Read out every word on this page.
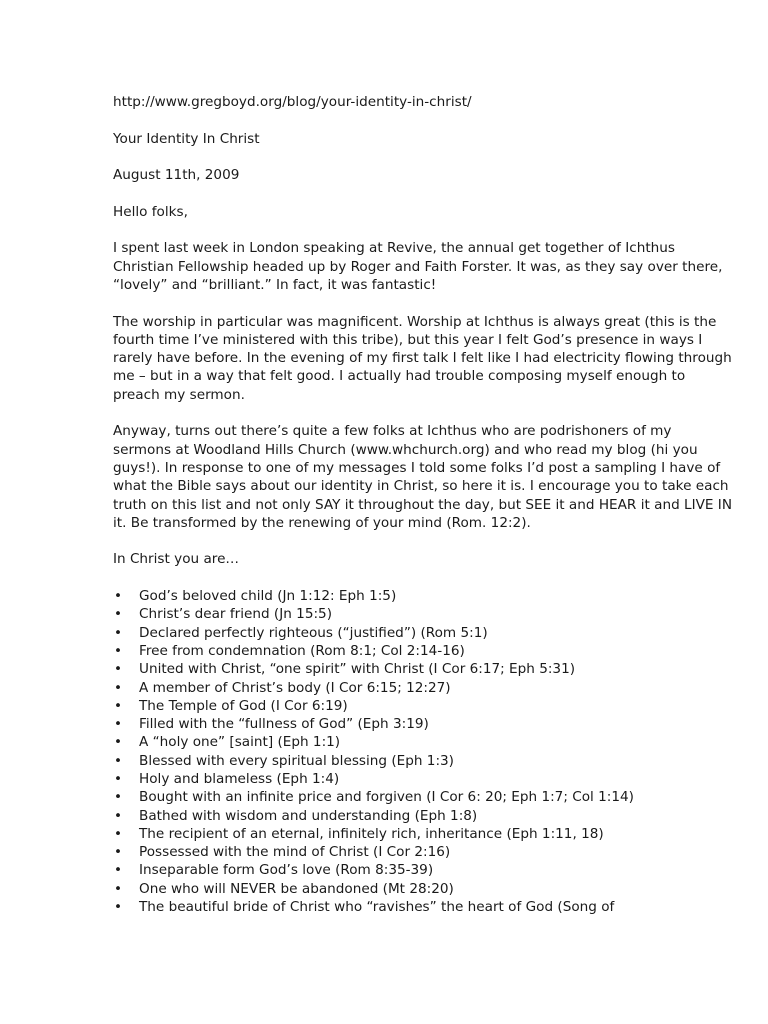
http://www.gregboyd.org/blog/your-identity-in-christ/

Your Identity In Christ

August 11th, 2009

Hello folks,

I spent last week in London speaking at Revive, the annual get together of Ichthus Christian Fellowship headed up by Roger and Faith Forster. It was, as they say over there, “lovely” and “brilliant.” In fact, it was fantastic!

The worship in particular was magnificent. Worship at Ichthus is always great (this is the fourth time I’ve ministered with this tribe), but this year I felt God’s presence in ways I rarely have before. In the evening of my first talk I felt like I had electricity flowing through me – but in a way that felt good. I actually had trouble composing myself enough to preach my sermon.

Anyway, turns out there’s quite a few folks at Ichthus who are podrishoners of my sermons at Woodland Hills Church (www.whchurch.org) and who read my blog (hi you guys!). In response to one of my messages I told some folks I’d post a sampling I have of what the Bible says about our identity in Christ, so here it is. I encourage you to take each truth on this list and not only SAY it throughout the day, but SEE it and HEAR it and LIVE IN it. Be transformed by the renewing of your mind (Rom. 12:2).

In Christ you are…

• God’s beloved child (Jn 1:12: Eph 1:5)
• Christ’s dear friend (Jn 15:5)
• Declared perfectly righteous (“justified”) (Rom 5:1)
• Free from condemnation (Rom 8:1; Col 2:14-16)
• United with Christ, “one spirit” with Christ (I Cor 6:17; Eph 5:31)
• A member of Christ’s body (I Cor 6:15; 12:27)
• The Temple of God (I Cor 6:19)
• Filled with the “fullness of God” (Eph 3:19)
• A “holy one” [saint] (Eph 1:1)
• Blessed with every spiritual blessing (Eph 1:3)
• Holy and blameless (Eph 1:4)
• Bought with an infinite price and forgiven (I Cor 6: 20; Eph 1:7; Col 1:14)
• Bathed with wisdom and understanding (Eph 1:8)
• The recipient of an eternal, infinitely rich, inheritance (Eph 1:11, 18)
• Possessed with the mind of Christ (I Cor 2:16)
• Inseparable form God’s love (Rom 8:35-39)
• One who will NEVER be abandoned (Mt 28:20)
• The beautiful bride of Christ who “ravishes” the heart of God (Song of
